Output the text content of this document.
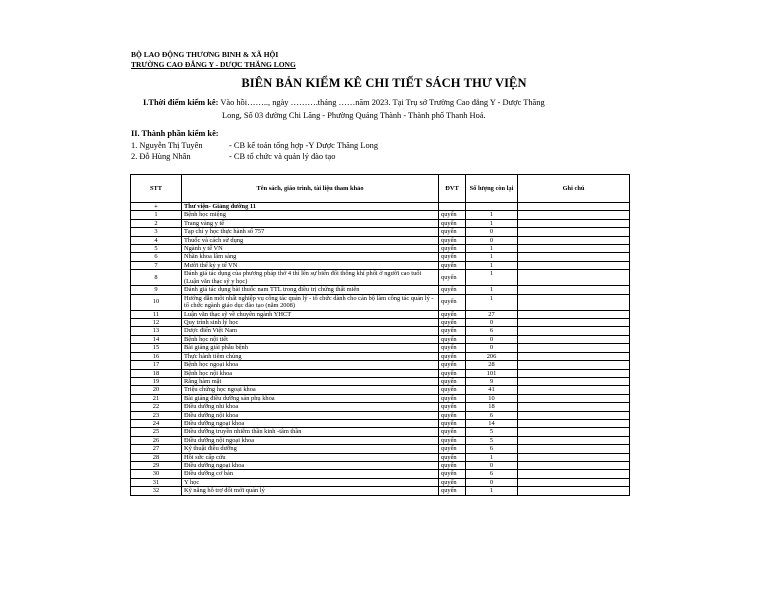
BỘ LAO ĐỘNG THƯƠNG BINH & XÃ HỘI
TRƯỜNG CAO ĐẲNG Y - DƯỢC THĂNG LONG
BIÊN BẢN KIỂM KÊ CHI TIẾT SÁCH THƯ VIỆN
I.Thời điểm kiểm kê: Vào hồi…….., ngày ……….tháng ……năm 2023. Tại Trụ sở Trường Cao đẳng Y - Dược Thăng
Long, Số 03 đường Chi Lăng - Phường Quảng Thành - Thành phố Thanh Hoá.
II. Thành phần kiểm kê:
1. Nguyễn Thị Tuyên	- CB kế toán tổng hợp -Y Dược Thăng Long
2. Đỗ Hùng Nhân	- CB tổ chức và quản lý đào tạo
STT	Tên sách, giáo trình, tài liệu tham khảo	ĐVT	Số lượng còn lại	Ghi chú
+	Thư viện- Giảng đường 11			
1	Bệnh học miệng	quyển	1	
2	Trang vàng y tế	quyển	1	
3	Tạp chí y học thực hành số 757	quyển	0	
4	Thuốc và cách sử dụng	quyển	0	
5	Ngành y tế VN	quyển	1	
6	Nhãn khoa lâm sàng	quyển	1	
7	Mười thế kỷ y tế VN	quyển	1	
8	Đánh giá tác dụng của phương pháp thở 4 thì lên sự biến đổi thông khí phổi ở người cao tuổi (Luận văn thạc sỹ y học)	quyển	1	
9	Đánh giá tác dụng bài thuốc nam TTL trong điều trị chứng thất miên	quyển	1	
10	Hướng dẫn môt nhất nghiệp vụ công tác quản lý - tổ chức dành cho cán bộ làm công tác quản lý - tổ chức ngành giáo dục đào tạo (năm 2008)	quyển	1	
11	Luận văn thạc sỹ về chuyên ngành YHCT	quyển	27	
12	Quy trình sinh lý học	quyển	0	
13	Dược điển Việt Nam	quyển	6	
14	Bệnh học nội tiết	quyển	0	
15	Bài giảng giải phẫu bệnh	quyển	0	
16	Thực hành tiêm chủng	quyển	206	
17	Bệnh học ngoại khoa	quyển	28	
18	Bệnh học nội khoa	quyển	101	
19	Răng hàm mặt	quyển	9	
20	Triệu chứng học ngoại khoa	quyển	41	
21	Bài giảng điều dưỡng sản phụ khoa	quyển	10	
22	Điều dưỡng nhi khoa	quyển	18	
23	Điều dưỡng nội khoa	quyển	6	
24	Điều dưỡng ngoại khoa	quyển	14	
25	Điều dưỡng truyền nhiễm thần kinh -tâm thần	quyển	5	
26	Điều dưỡng nội ngoại khoa	quyển	5	
27	Kỹ thuật điều dưỡng	quyển	6	
28	Hồi sức cấp cứu	quyển	1	
29	Điều dưỡng ngoại khoa	quyển	0	
30	Điều dưỡng cơ bản	quyển	6	
31	Y học	quyển	0	
32	Kỹ năng hỗ trợ đổi mới quản lý	quyển	1	
